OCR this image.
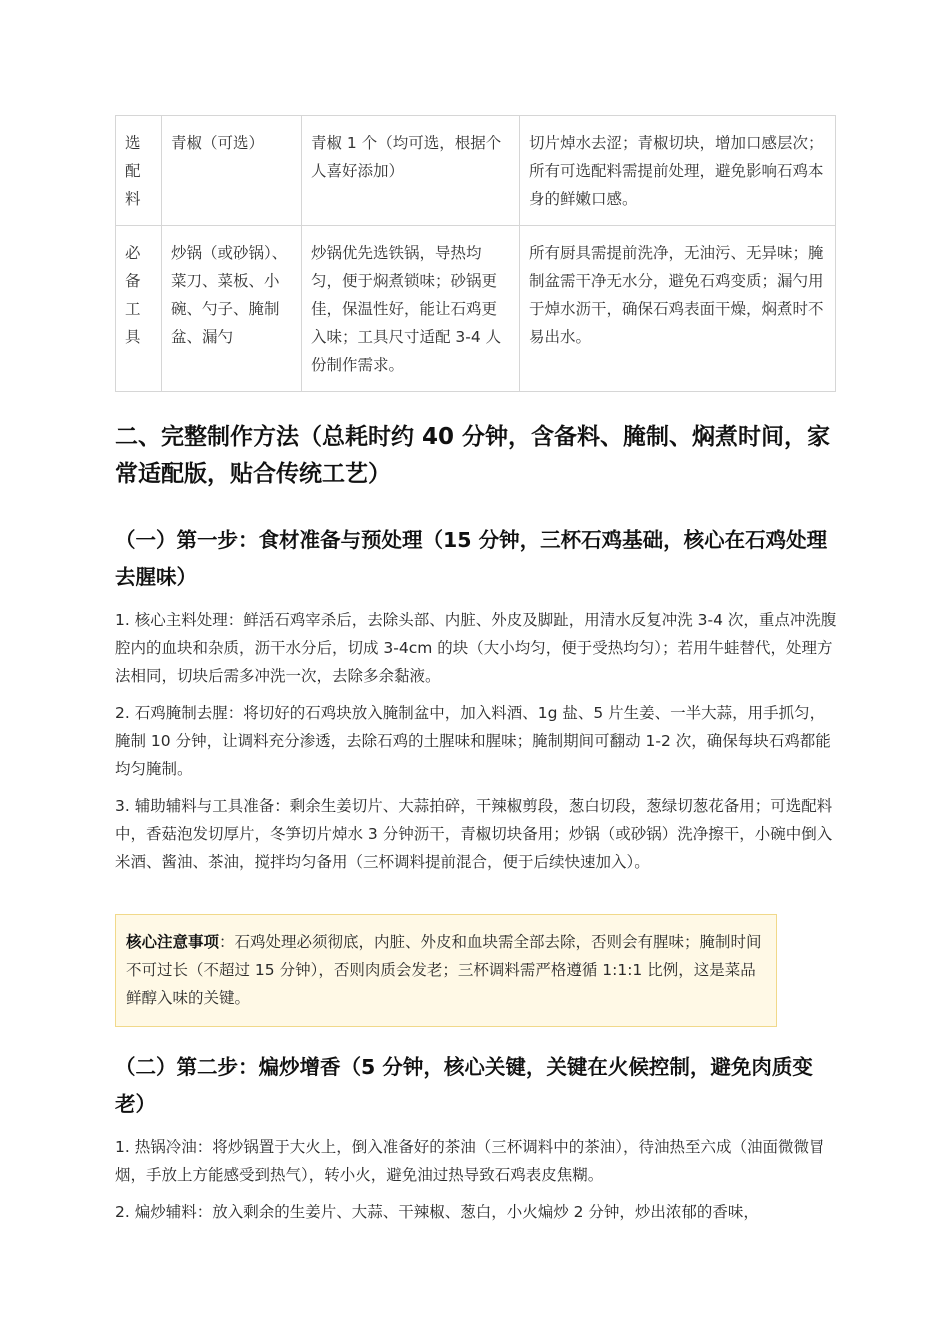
选配料	青椒（可选）	青椒 1 个（均可选，根据个人喜好添加）	切片焯水去涩；青椒切块，增加口感层次；所有可选配料需提前处理，避免影响石鸡本身的鲜嫩口感。
必备工具	炒锅（或砂锅）、菜刀、菜板、小碗、勺子、腌制盆、漏勺	炒锅优先选铁锅，导热均匀，便于焖煮锁味；砂锅更佳，保温性好，能让石鸡更入味；工具尺寸适配 3-4 人份制作需求。	所有厨具需提前洗净，无油污、无异味；腌制盆需干净无水分，避免石鸡变质；漏勺用于焯水沥干，确保石鸡表面干燥，焖煮时不易出水。
二、完整制作方法（总耗时约 40 分钟，含备料、腌制、焖煮时间，家常适配版，贴合传统工艺）
（一）第一步：食材准备与预处理（15 分钟，三杯石鸡基础，核心在石鸡处理去腥味）

1. 核心主料处理：鲜活石鸡宰杀后，去除头部、内脏、外皮及脚趾，用清水反复冲洗 3-4 次，重点冲洗腹腔内的血块和杂质，沥干水分后，切成 3-4cm 的块（大小均匀，便于受热均匀）；若用牛蛙替代，处理方法相同，切块后需多冲洗一次，去除多余黏液。

2. 石鸡腌制去腥：将切好的石鸡块放入腌制盆中，加入料酒、1g 盐、5 片生姜、一半大蒜，用手抓匀，腌制 10 分钟，让调料充分渗透，去除石鸡的土腥味和腥味；腌制期间可翻动 1-2 次，确保每块石鸡都能均匀腌制。

3. 辅助辅料与工具准备：剩余生姜切片、大蒜拍碎，干辣椒剪段，葱白切段，葱绿切葱花备用；可选配料中，香菇泡发切厚片，冬笋切片焯水 3 分钟沥干，青椒切块备用；炒锅（或砂锅）洗净擦干，小碗中倒入米酒、酱油、茶油，搅拌均匀备用（三杯调料提前混合，便于后续快速加入）。

核心注意事项：石鸡处理必须彻底，内脏、外皮和血块需全部去除，否则会有腥味；腌制时间不可过长（不超过 15 分钟），否则肉质会发老；三杯调料需严格遵循 1:1:1 比例，这是菜品鲜醇入味的关键。
（二）第二步：煸炒增香（5 分钟，核心关键，关键在火候控制，避免肉质变老）

1. 热锅冷油：将炒锅置于大火上，倒入准备好的茶油（三杯调料中的茶油），待油热至六成（油面微微冒烟，手放上方能感受到热气），转小火，避免油过热导致石鸡表皮焦糊。

2. 煸炒辅料：放入剩余的生姜片、大蒜、干辣椒、葱白，小火煸炒 2 分钟，炒出浓郁的香味，
